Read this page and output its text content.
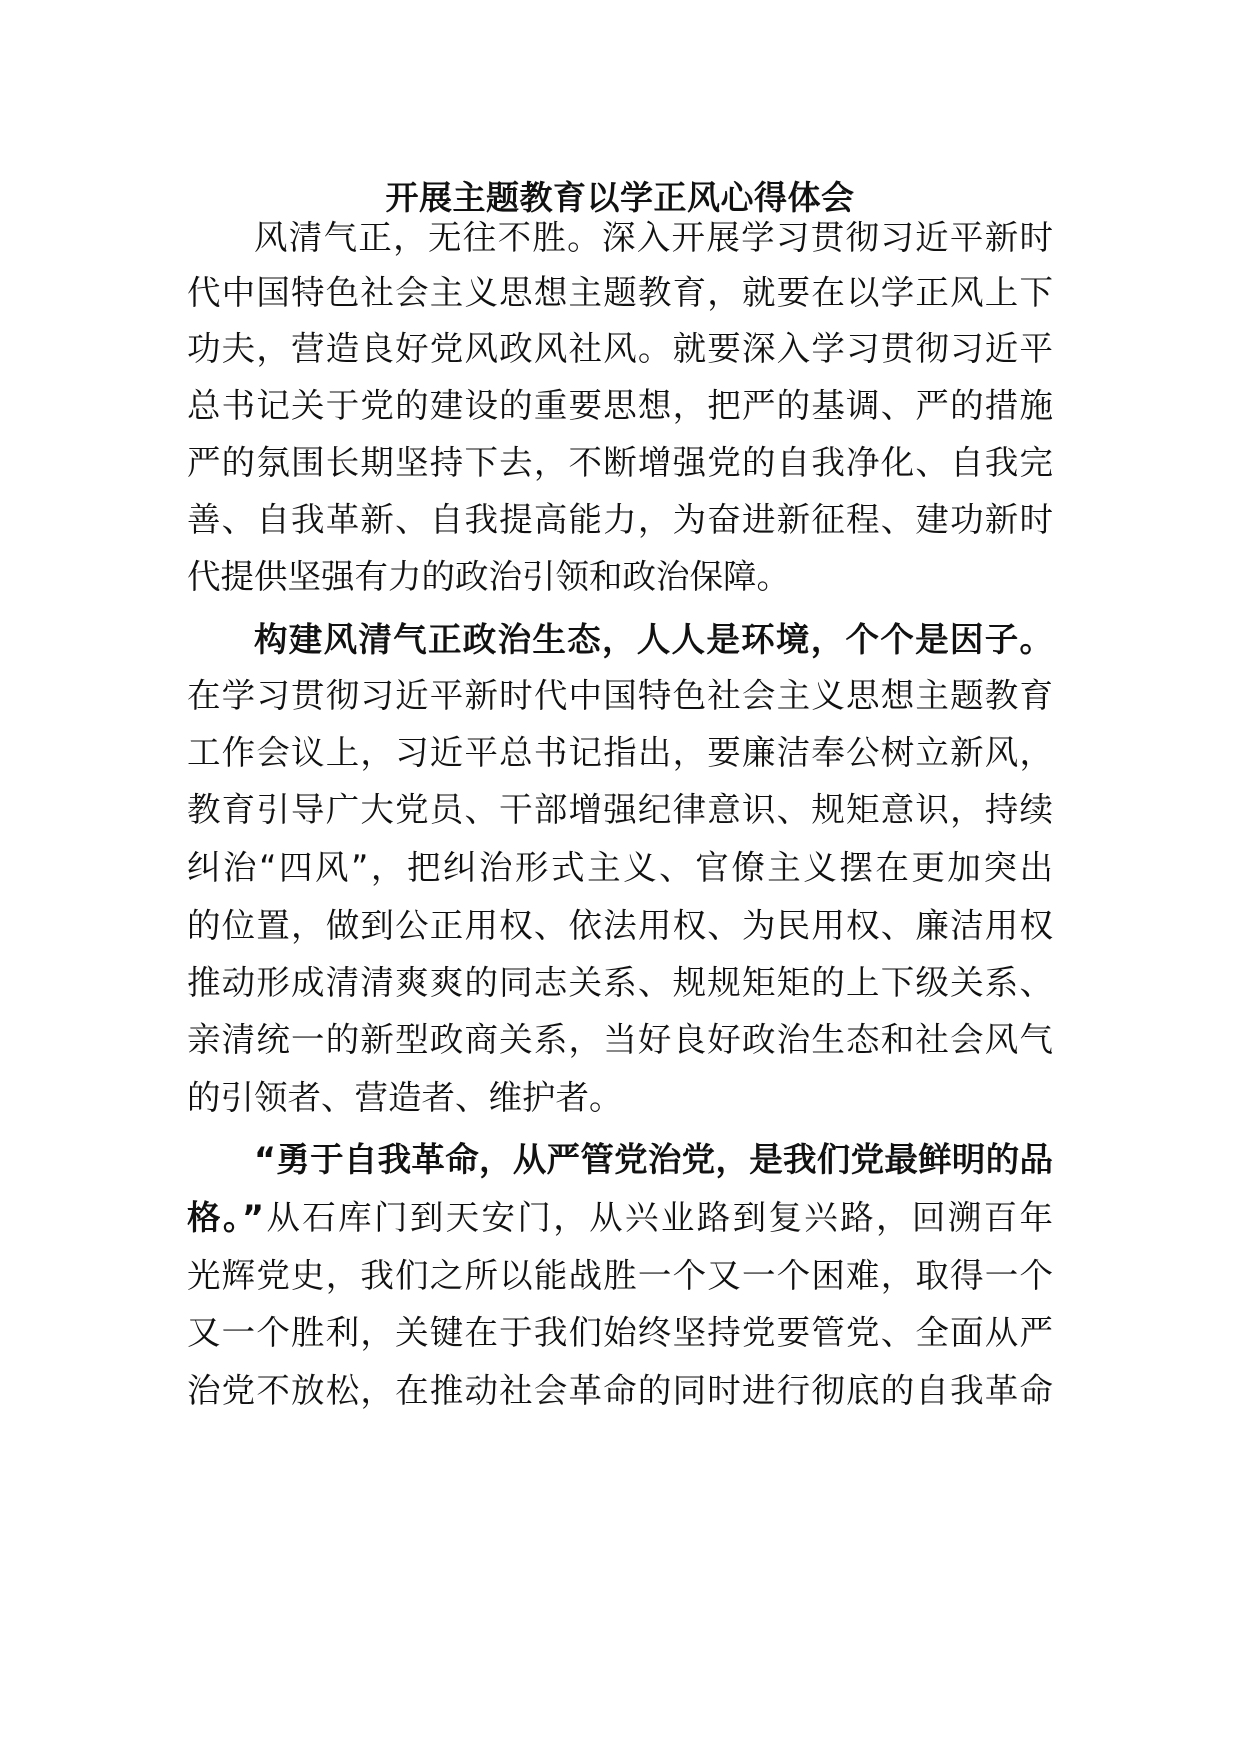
开展主题教育以学正风心得体会
风清气正，无往不胜。深入开展学习贯彻习近平新时
代中国特色社会主义思想主题教育，就要在以学正风上下
功夫，营造良好党风政风社风。就要深入学习贯彻习近平
总书记关于党的建设的重要思想，把严的基调、严的措施
严的氛围长期坚持下去，不断增强党的自我净化、自我完
善、自我革新、自我提高能力，为奋进新征程、建功新时
代提供坚强有力的政治引领和政治保障。
构建风清气正政治生态，人人是环境，个个是因子。
在学习贯彻习近平新时代中国特色社会主义思想主题教育
工作会议上，习近平总书记指出，要廉洁奉公树立新风，
教育引导广大党员、干部增强纪律意识、规矩意识，持续
纠治“四风”，把纠治形式主义、官僚主义摆在更加突出
的位置，做到公正用权、依法用权、为民用权、廉洁用权
推动形成清清爽爽的同志关系、规规矩矩的上下级关系、
亲清统一的新型政商关系，当好良好政治生态和社会风气
的引领者、营造者、维护者。
“勇于自我革命，从严管党治党，是我们党最鲜明的品
格。”从石库门到天安门，从兴业路到复兴路，回溯百年
光辉党史，我们之所以能战胜一个又一个困难，取得一个
又一个胜利，关键在于我们始终坚持党要管党、全面从严
治党不放松，在推动社会革命的同时进行彻底的自我革命
